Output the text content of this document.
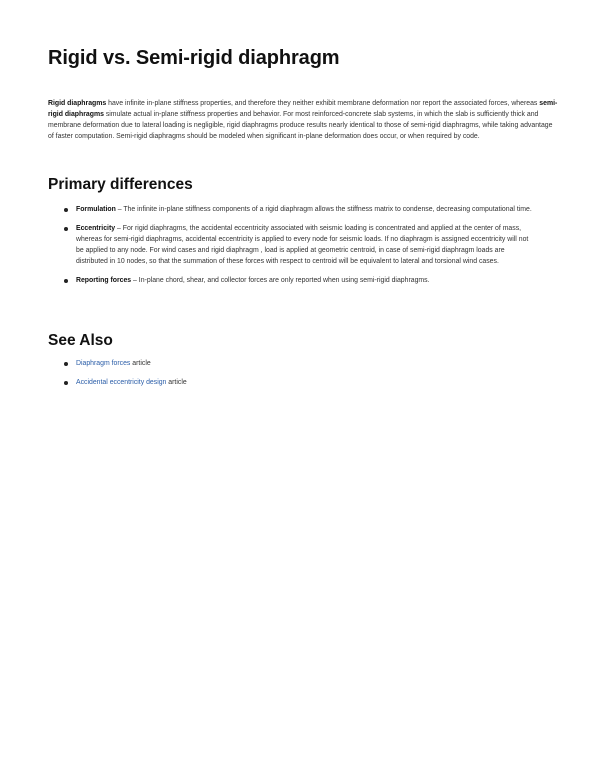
Rigid vs. Semi-rigid diaphragm

Rigid diaphragms have infinite in-plane stiffness properties, and therefore they neither exhibit membrane deformation nor report the associated forces, whereas semi-rigid diaphragms simulate actual in-plane stiffness properties and behavior. For most reinforced-concrete slab systems, in which the slab is sufficiently thick and membrane deformation due to lateral loading is negligible, rigid diaphragms produce results nearly identical to those of semi-rigid diaphragms, while taking advantage of faster computation. Semi-rigid diaphragms should be modeled when significant in-plane deformation does occur, or when required by code.

Primary differences
Formulation – The infinite in-plane stiffness components of a rigid diaphragm allows the stiffness matrix to condense, decreasing computational time.
Eccentricity – For rigid diaphragms, the accidental eccentricity associated with seismic loading is concentrated and applied at the center of mass, whereas for semi-rigid diaphragms, accidental eccentricity is applied to every node for seismic loads. If no diaphragm is assigned eccentricity will not be applied to any node. For wind cases and rigid diaphragm , load is applied at geometric centroid, in case of semi-rigid diaphragm loads are distributed in 10 nodes, so that the summation of these forces with respect to centroid will be equivalent to lateral and torsional wind cases.
Reporting forces – In-plane chord, shear, and collector forces are only reported when using semi-rigid diaphragms.
See Also
Diaphragm forces article
Accidental eccentricity design article
